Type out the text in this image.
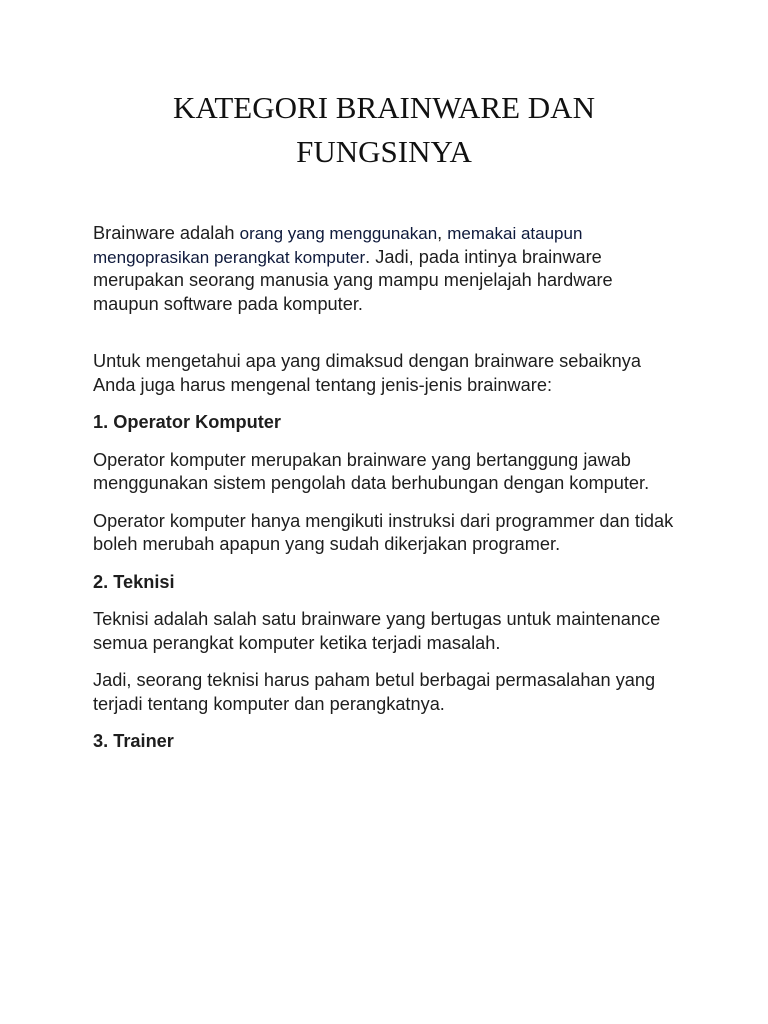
KATEGORI BRAINWARE DAN
FUNGSINYA

Brainware adalah orang yang menggunakan, memakai ataupun mengoprasikan perangkat komputer. Jadi, pada intinya brainware merupakan seorang manusia yang mampu menjelajah hardware maupun software pada komputer.

Untuk mengetahui apa yang dimaksud dengan brainware sebaiknya Anda juga harus mengenal tentang jenis-jenis brainware:

1. Operator Komputer

Operator komputer merupakan brainware yang bertanggung jawab menggunakan sistem pengolah data berhubungan dengan komputer.

Operator komputer hanya mengikuti instruksi dari programmer dan tidak boleh merubah apapun yang sudah dikerjakan programer.

2. Teknisi

Teknisi adalah salah satu brainware yang bertugas untuk maintenance semua perangkat komputer ketika terjadi masalah.

Jadi, seorang teknisi harus paham betul berbagai permasalahan yang terjadi tentang komputer dan perangkatnya.

3. Trainer
